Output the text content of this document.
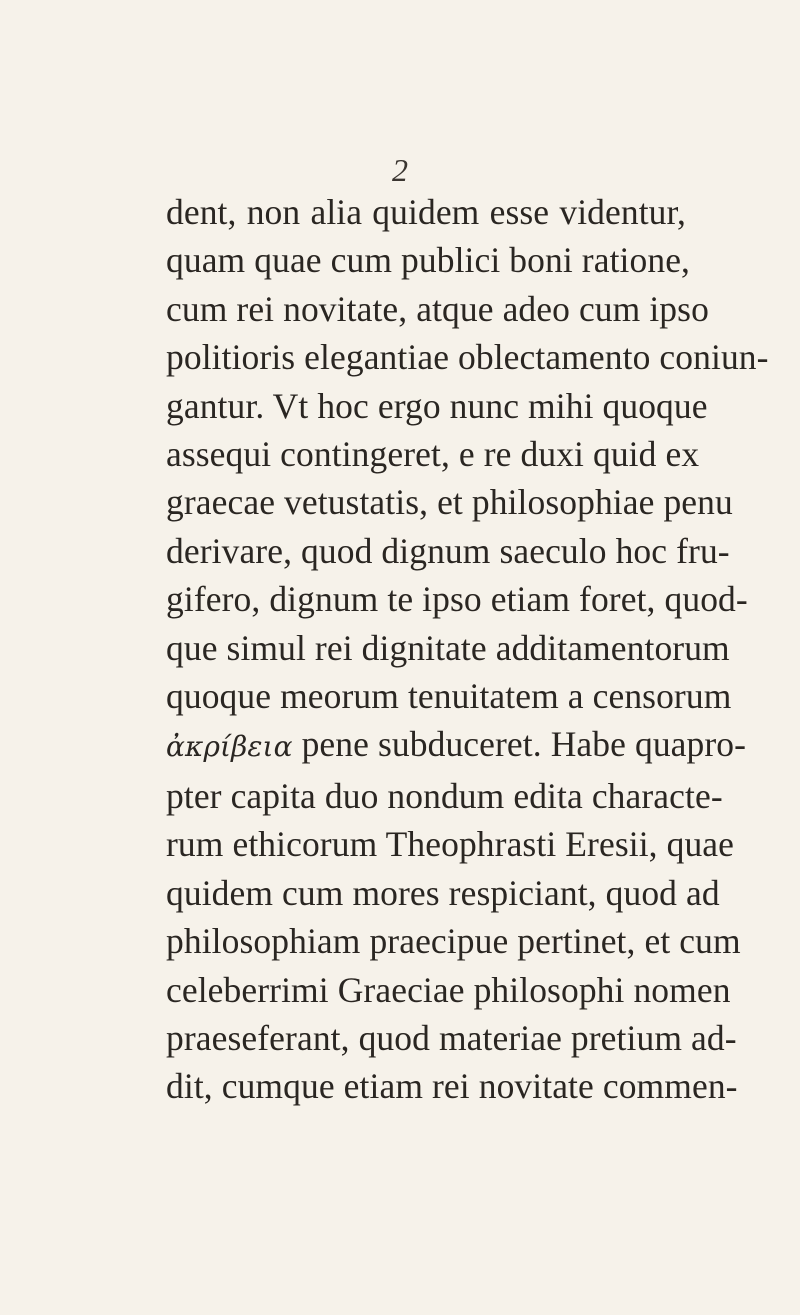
2
dent, non alia quidem esse videntur,
quam quae cum publici boni ratione,
cum rei novitate, atque adeo cum ipso
politioris elegantiae oblectamento coniun-
gantur. Vt hoc ergo nunc mihi quoque
assequi contingeret, e re duxi quid ex
graecae vetustatis, et philosophiae penu
derivare, quod dignum saeculo hoc fru-
gifero, dignum te ipso etiam foret, quod-
que simul rei dignitate additamentorum
quoque meorum tenuitatem a censorum
ἀκρίβεια pene subduceret. Habe quapro-
pter capita duo nondum edita characte-
rum ethicorum Theophrasti Eresii, quae
quidem cum mores respiciant, quod ad
philosophiam praecipue pertinet, et cum
celeberrimi Graeciae philosophi nomen
praeseferant, quod materiae pretium ad-
dit, cumque etiam rei novitate commen-
